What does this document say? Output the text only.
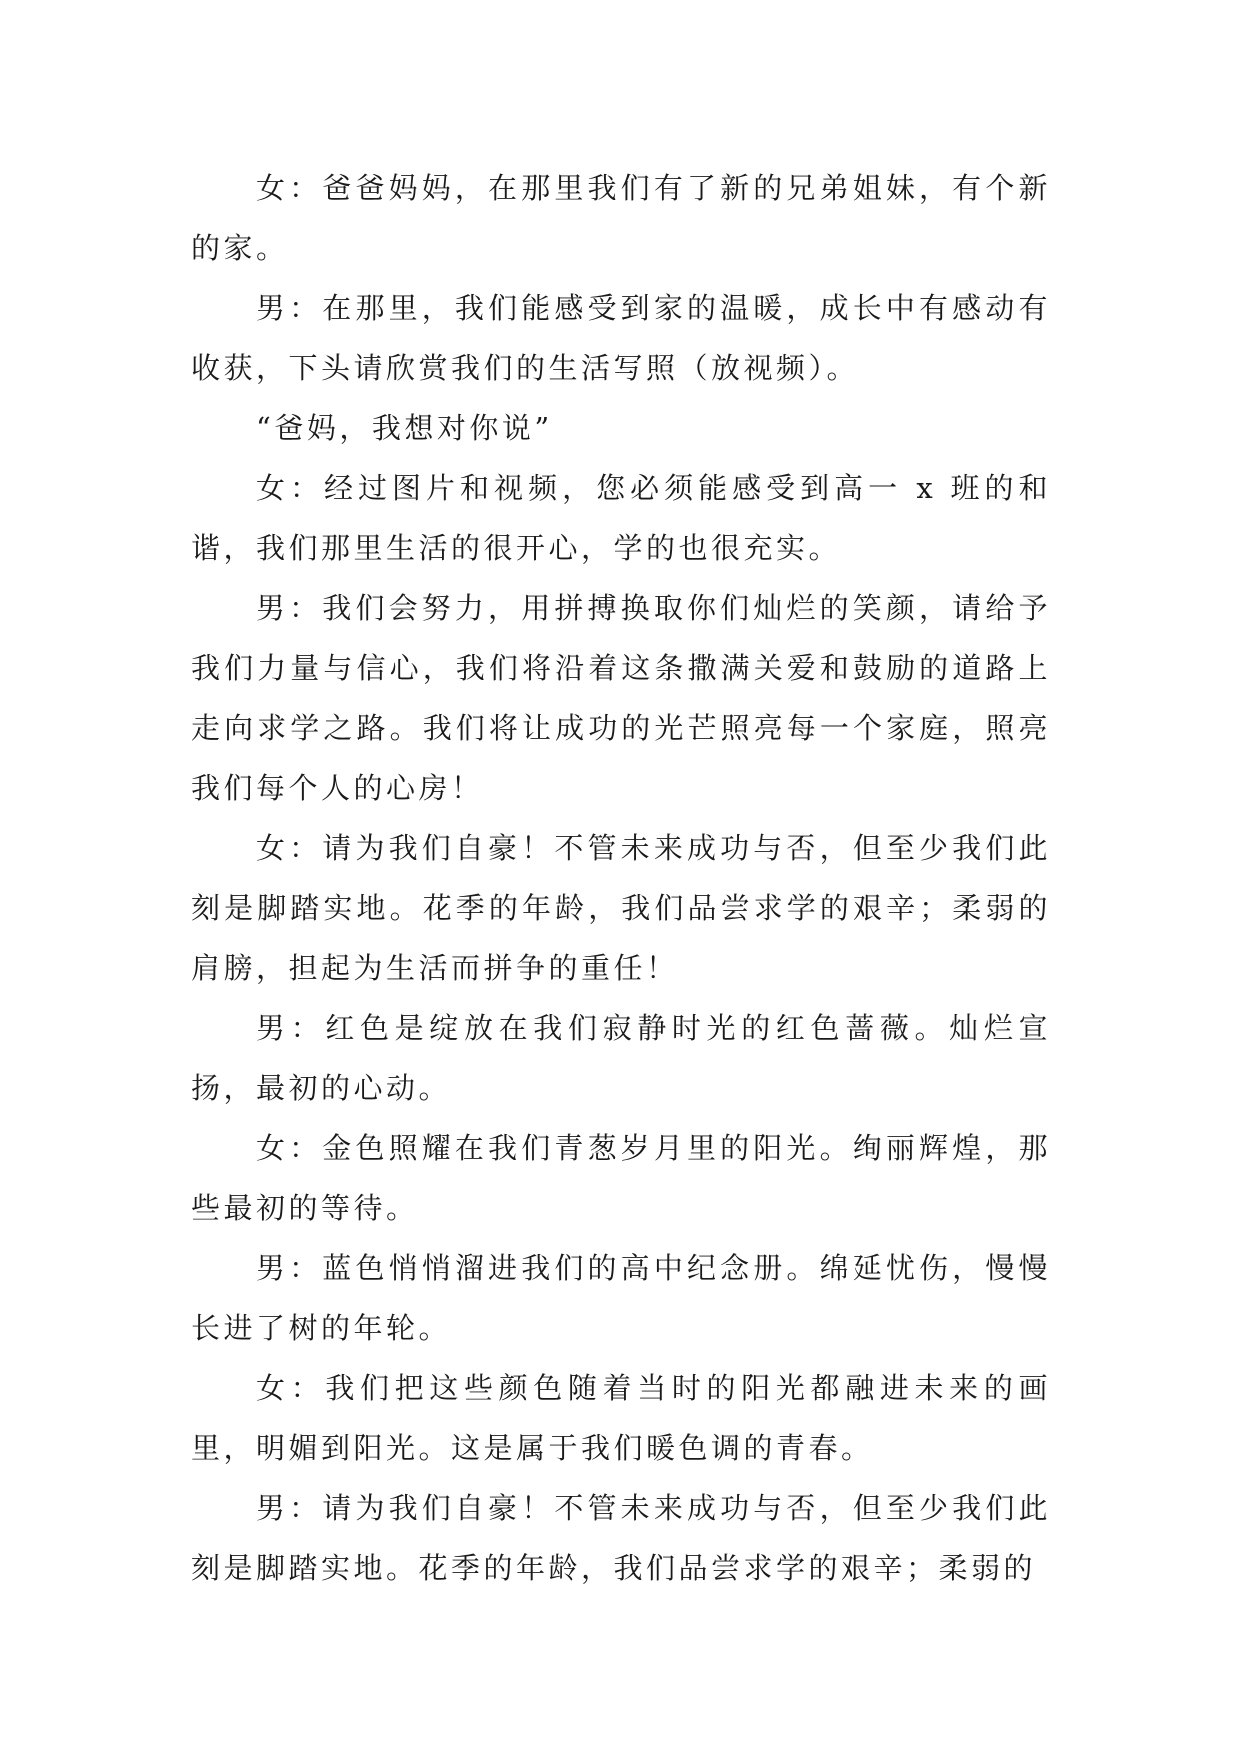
女：爸爸妈妈，在那里我们有了新的兄弟姐妹，有个新的家。

男：在那里，我们能感受到家的温暖，成长中有感动有收获，下头请欣赏我们的生活写照（放视频）。

“爸妈，我想对你说”

女：经过图片和视频，您必须能感受到高一 x 班的和谐，我们那里生活的很开心，学的也很充实。

男：我们会努力，用拼搏换取你们灿烂的笑颜，请给予我们力量与信心，我们将沿着这条撒满关爱和鼓励的道路上走向求学之路。我们将让成功的光芒照亮每一个家庭，照亮我们每个人的心房！

女：请为我们自豪！不管未来成功与否，但至少我们此刻是脚踏实地。花季的年龄，我们品尝求学的艰辛；柔弱的肩膀，担起为生活而拼争的重任！

男：红色是绽放在我们寂静时光的红色蔷薇。灿烂宣扬，最初的心动。

女：金色照耀在我们青葱岁月里的阳光。绚丽辉煌，那些最初的等待。

男：蓝色悄悄溜进我们的高中纪念册。绵延忧伤，慢慢长进了树的年轮。

女：我们把这些颜色随着当时的阳光都融进未来的画里，明媚到阳光。这是属于我们暖色调的青春。

男：请为我们自豪！不管未来成功与否，但至少我们此刻是脚踏实地。花季的年龄，我们品尝求学的艰辛；柔弱的
